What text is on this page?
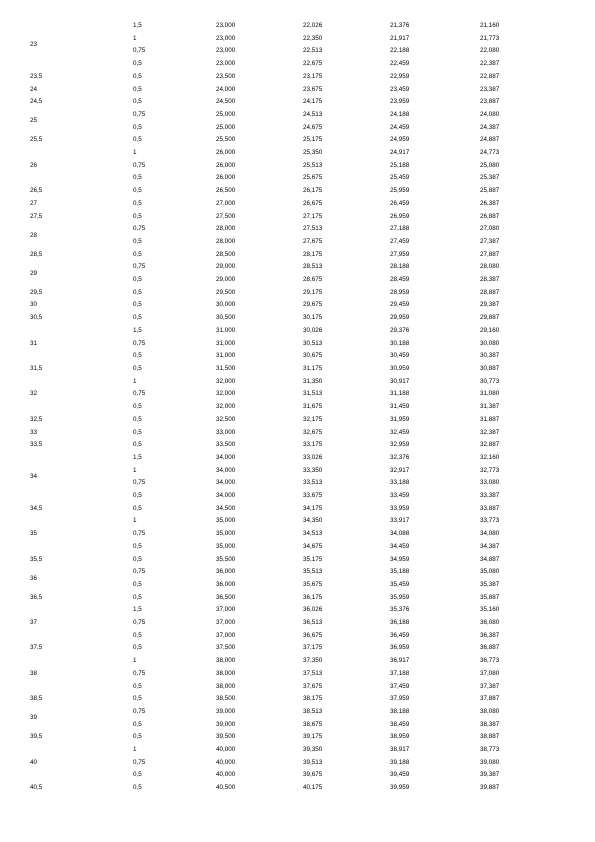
23	1,5	23,000	22,026	21,376	21,160
	1	23,000	22,350	21,917	21,773
	0,75	23,000	22,513	22,188	22,080
	0,5	23,000	22,675	22,459	22,387
23,5	0,5	23,500	23,175	22,959	22,887
24	0,5	24,000	23,675	23,459	23,387
24,5	0,5	24,500	24,175	23,959	23,887
25	0,75	25,000	24,513	24,188	24,080
	0,5	25,000	24,675	24,459	24,387
25,5	0,5	25,500	25,175	24,959	24,887
26	1	26,000	25,350	24,917	24,773
	0,75	26,000	25,513	25,188	25,080
	0,5	26,000	25,675	25,459	25,387
26,5	0,5	26,500	26,175	25,959	25,887
27	0,5	27,000	26,675	26,459	26,387
27,5	0,5	27,500	27,175	26,959	26,887
28	0,75	28,000	27,513	27,188	27,080
	0,5	28,000	27,675	27,459	27,387
28,5	0,5	28,500	28,175	27,959	27,887
29	0,75	29,000	28,513	28,188	28,080
	0,5	29,000	28,675	28,459	28,387
29,5	0,5	29,500	29,175	28,959	28,887
30	0,5	30,000	29,675	29,459	29,387
30,5	0,5	30,500	30,175	29,959	29,887
31	1,5	31,000	30,026	29,376	29,160
	0,75	31,000	30,513	30,188	30,080
	0,5	31,000	30,675	30,459	30,387
31,5	0,5	31,500	31,175	30,959	30,887
32	1	32,000	31,350	30,917	30,773
	0,75	32,000	31,513	31,188	31,080
	0,5	32,000	31,675	31,459	31,387
32,5	0,5	32,500	32,175	31,959	31,887
33	0,5	33,000	32,675	32,459	32,387
33,5	0,5	33,500	33,175	32,959	32,887
34	1,5	34,000	33,026	32,376	32,160
	1	34,000	33,350	32,917	32,773
	0,75	34,000	33,513	33,188	33,080
	0,5	34,000	33,675	33,459	33,387
34,5	0,5	34,500	34,175	33,959	33,887
35	1	35,000	34,350	33,917	33,773
	0,75	35,000	34,513	34,088	34,080
	0,5	35,000	34,675	34,459	34,387
35,5	0,5	35,500	35,175	34,959	34,887
36	0,75	36,000	35,513	35,188	35,080
	0,5	36,000	35,675	35,459	35,387
36,5	0,5	36,500	36,175	35,959	35,887
37	1,5	37,000	36,026	35,376	35,160
	0,75	37,000	36,513	36,188	36,080
	0,5	37,000	36,675	36,459	36,387
37,5	0,5	37,500	37,175	36,959	36,887
38	1	38,000	37,350	36,917	36,773
	0,75	38,000	37,513	37,188	37,080
	0,5	38,000	37,675	37,459	37,387
38,5	0,5	38,500	38,175	37,959	37,887
39	0,75	39,000	38,513	38,188	38,080
	0,5	39,000	38,675	38,459	38,387
39,5	0,5	39,500	39,175	38,959	38,887
40	1	40,000	39,350	38,917	38,773
	0,75	40,000	39,513	39,188	39,080
	0,5	40,000	39,675	39,459	39,387
40,5	0,5	40,500	40,175	39,959	39,887
